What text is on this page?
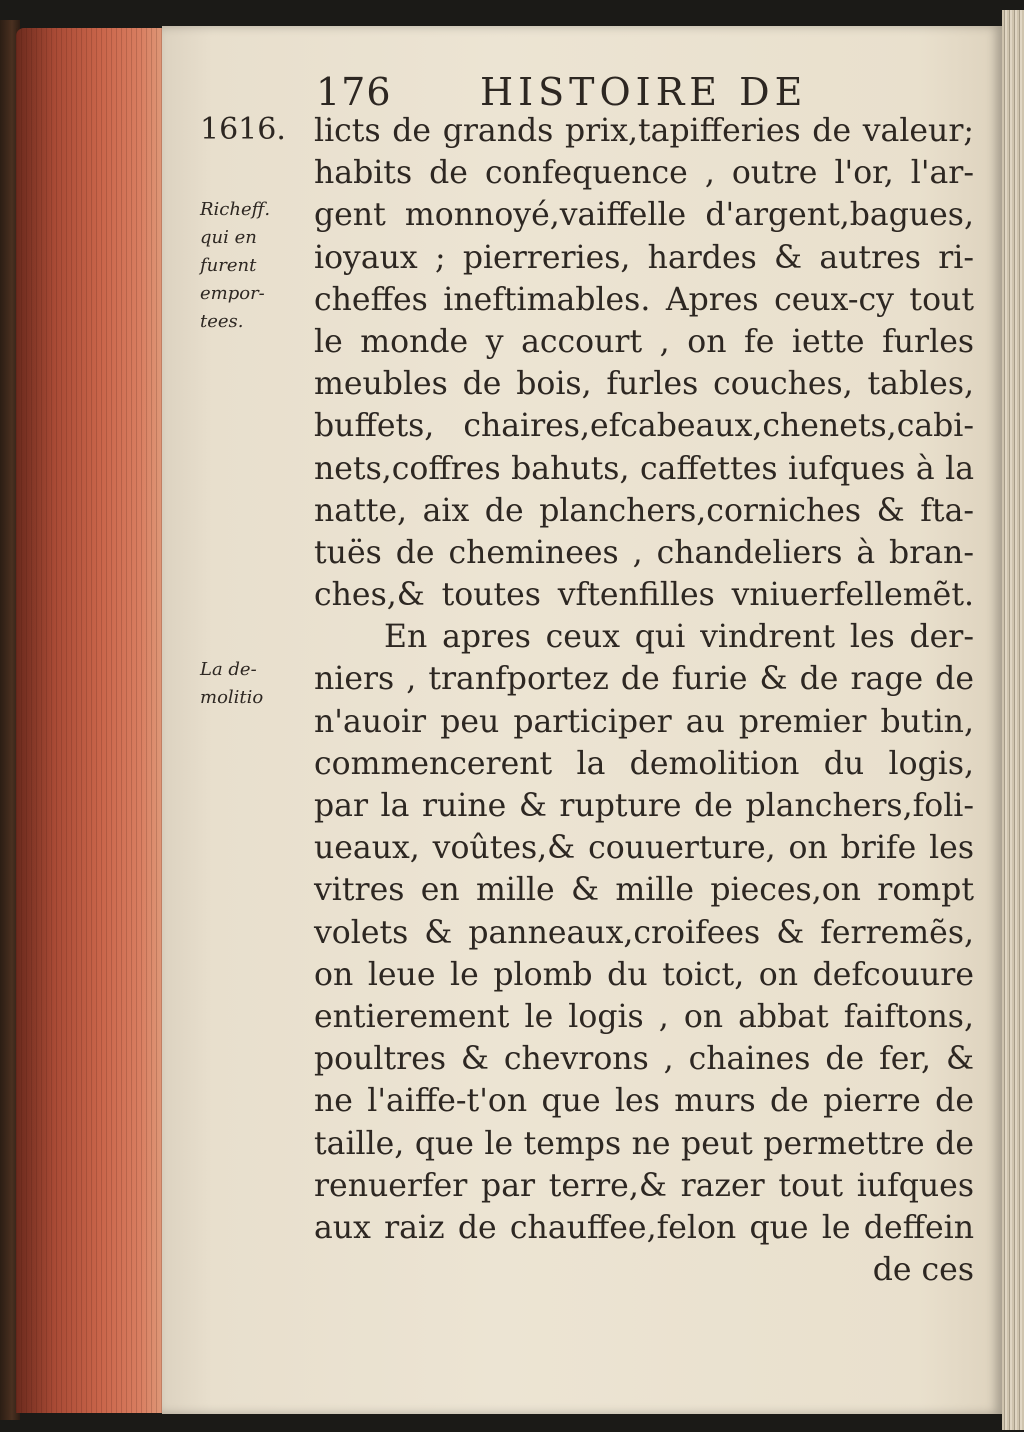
176 HISTOIRE DE
1616.
Richeff.
qui en
furent
empor-
tees.
La de-
molitio
licts de grands prix,tapifferies de valeur;
habits de confequence , outre l'or, l'ar-
gent monnoyé,vaiffelle d'argent,bagues,
ioyaux ; pierreries, hardes & autres ri-
cheffes ineftimables. Apres ceux-cy tout
le monde y accourt , on fe iette furles
meubles de bois, furles couches, tables,
buffets, chaires,efcabeaux,chenets,cabi-
nets,coffres bahuts, caffettes iufques à la
natte, aix de planchers,corniches & fta-
tuës de cheminees , chandeliers à bran-
ches,& toutes vftenfilles vniuerfellemẽt.
En apres ceux qui vindrent les der-
niers , tranfportez de furie & de rage de
n'auoir peu participer au premier butin,
commencerent la demolition du logis,
par la ruine & rupture de planchers,foli-
ueaux, voûtes,& couuerture, on brife les
vitres en mille & mille pieces,on rompt
volets & panneaux,croifees & ferremẽs,
on leue le plomb du toict, on defcouure
entierement le logis , on abbat faiftons,
poultres & chevrons , chaines de fer, &
ne l'aiffe-t'on que les murs de pierre de
taille, que le temps ne peut permettre de
renuerfer par terre,& razer tout iufques
aux raiz de chauffee,felon que le deffein
de ces
